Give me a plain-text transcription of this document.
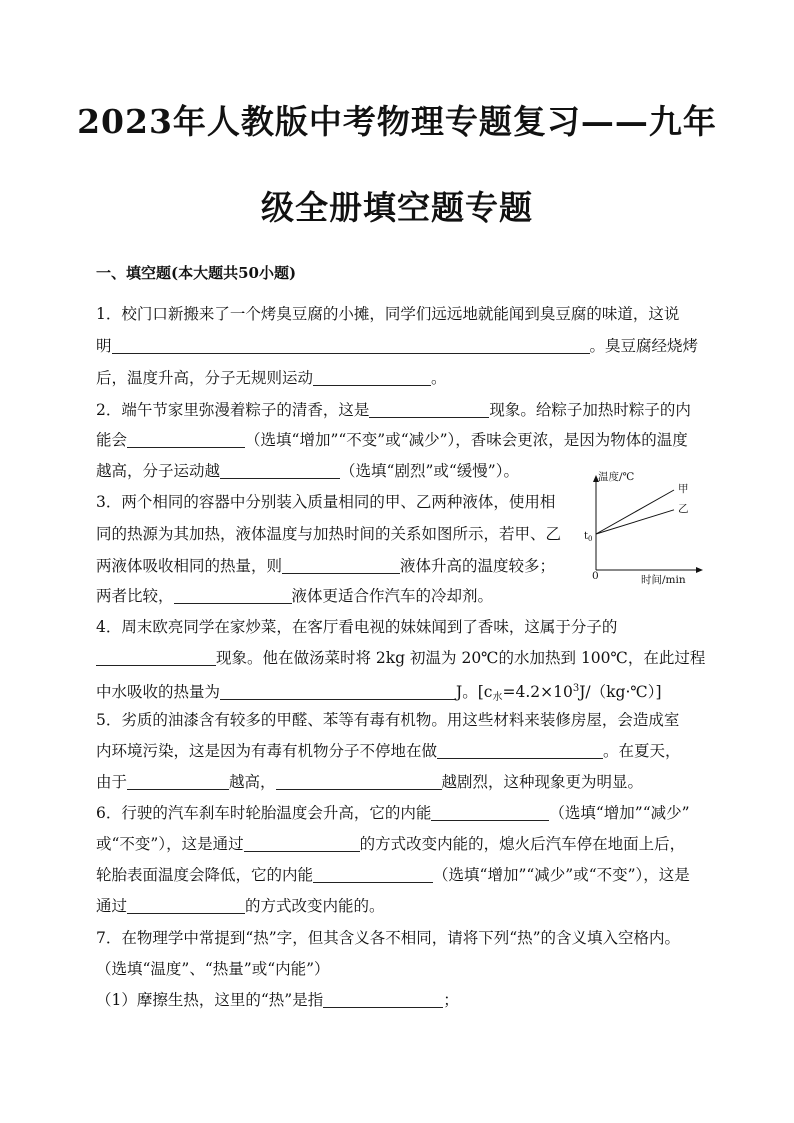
2023年人教版中考物理专题复习——九年
级全册填空题专题
一、填空题(本大题共50小题)
1．校门口新搬来了一个烤臭豆腐的小摊，同学们远远地就能闻到臭豆腐的味道，这说
明	。臭豆腐经烧烤
后，温度升高，分子无规则运动	。
2．端午节家里弥漫着粽子的清香，这是	现象。给粽子加热时粽子的内
能会	（选填“增加”“不变”或“减少”），香味会更浓，是因为物体的温度
越高，分子运动越	（选填“剧烈”或“缓慢”）。
3．两个相同的容器中分别装入质量相同的甲、乙两种液体，使用相
同的热源为其加热，液体温度与加热时间的关系如图所示，若甲、乙
两液体吸收相同的热量，则	液体升高的温度较多；
两者比较，	液体更适合作汽车的冷却剂。
温度/℃
时间/min
0
$t_0$
甲
乙
4．周末欧亮同学在家炒菜，在客厅看电视的妹妹闻到了香味，这属于分子的
现象。他在做汤菜时将 2kg 初温为 20℃的水加热到 100℃，在此过程
中水吸收的热量为	J。$[c_水=4.2\times 10^3J/(kg\cdot℃)]$
5．劣质的油漆含有较多的甲醛、苯等有毒有机物。用这些材料来装修房屋，会造成室
内环境污染，这是因为有毒有机物分子不停地在做	。在夏天，
由于	越高，	越剧烈，这种现象更为明显。
6．行驶的汽车刹车时轮胎温度会升高，它的内能	（选填“增加”“减少”
或“不变”），这是通过	的方式改变内能的，熄火后汽车停在地面上后，
轮胎表面温度会降低，它的内能	（选填“增加”“减少”或“不变”），这是
通过	的方式改变内能的。
7．在物理学中常提到“热”字，但其含义各不相同，请将下列“热”的含义填入空格内。
（选填“温度”、“热量”或“内能”）
（1）摩擦生热，这里的“热”是指	；
